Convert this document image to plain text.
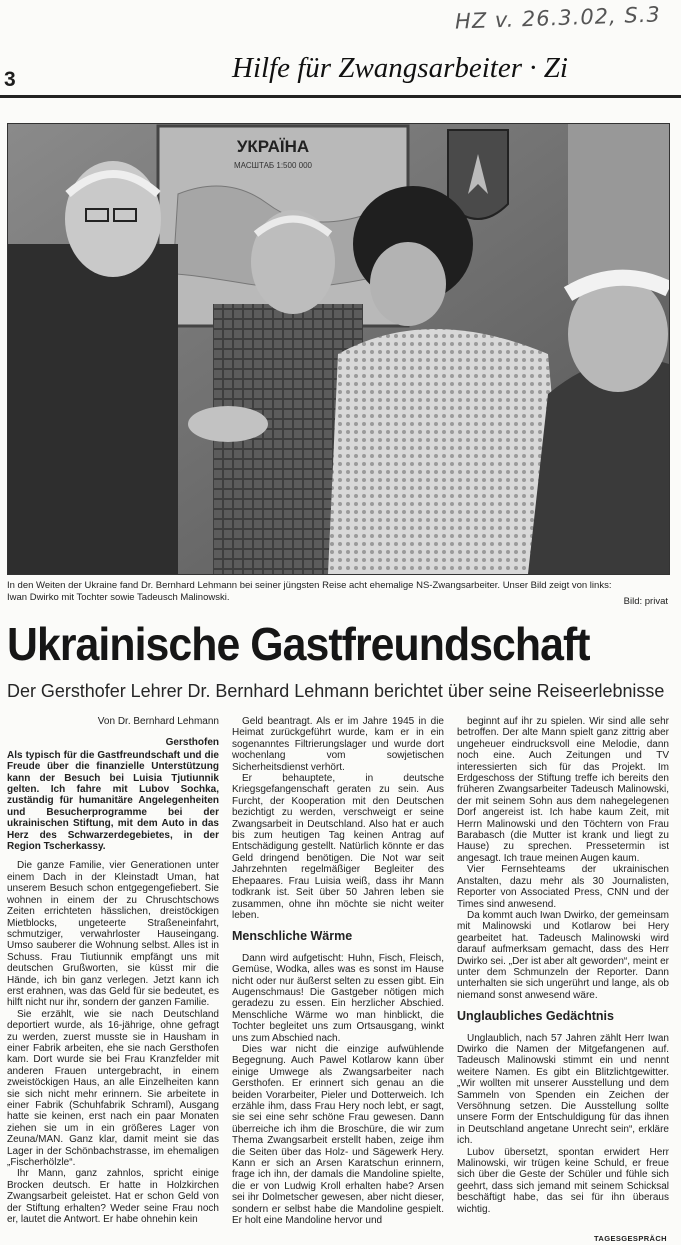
HZ v. 26.3.02, S.3
3	Hilfe für Zwangsarbeiter · Zi
УКРАЇНА
МАСШТАБ 1:500 000
In den Weiten der Ukraine fand Dr. Bernhard Lehmann bei seiner jüngsten Reise acht ehemalige NS-Zwangsarbeiter. Unser Bild zeigt von links:
Iwan Dwirko mit Tochter sowie Tadeusch Malinowski.	Bild: privat
Ukrainische Gastfreundschaft
Der Gersthofer Lehrer Dr. Bernhard Lehmann berichtet über seine Reiseerlebnisse
Von Dr. Bernhard Lehmann
Gersthofen

Als typisch für die Gastfreundschaft und die Freude über die finanzielle Unterstützung kann der Besuch bei Luisia Tjutiunnik gelten. Ich fahre mit Lubov Sochka, zuständig für humanitäre Angelegenheiten und Besucherprogramme bei der ukrainischen Stiftung, mit dem Auto in das Herz des Schwarzerdegebietes, in der Region Tscherkassy.

Die ganze Familie, vier Generationen unter einem Dach in der Kleinstadt Uman, hat unserem Besuch schon entgegengefiebert. Sie wohnen in einem der zu Chruschtschows Zeiten errichteten hässlichen, dreistöckigen Mietblocks, ungeteerte Straßeneinfahrt, schmutziger, verwahrloster Hauseingang. Umso sauberer die Wohnung selbst. Alles ist in Schuss. Frau Tiutiunnik empfängt uns mit deutschen Grußworten, sie küsst mir die Hände, ich bin ganz verlegen. Jetzt kann ich erst erahnen, was das Geld für sie bedeutet, es hilft nicht nur ihr, sondern der ganzen Familie.

Sie erzählt, wie sie nach Deutschland deportiert wurde, als 16-jährige, ohne gefragt zu werden, zuerst musste sie in Hausham in einer Fabrik arbeiten, ehe sie nach Gersthofen kam. Dort wurde sie bei Frau Kranzfelder mit anderen Frauen untergebracht, in einem zweistöckigen Haus, an alle Einzelheiten kann sie sich nicht mehr erinnern. Sie arbeitete in einer Fabrik (Schuhfabrik Schraml), Ausgang hatte sie keinen, erst nach ein paar Monaten ziehen sie um in ein größeres Lager von Zeuna/MAN. Ganz klar, damit meint sie das Lager in der Schönbachstrasse, im ehemaligen „Fischerhölzle“.

Ihr Mann, ganz zahnlos, spricht einige Brocken deutsch. Er hatte in Holzkirchen Zwangsarbeit geleistet. Hat er schon Geld von der Stiftung erhalten? Weder seine Frau noch er, lautet die Antwort. Er habe ohnehin kein

Geld beantragt. Als er im Jahre 1945 in die Heimat zurückgeführt wurde, kam er in ein sogenanntes Filtrierungslager und wurde dort wochenlang vom sowjetischen Sicherheitsdienst verhört.

Er behauptete, in deutsche Kriegsgefangenschaft geraten zu sein. Aus Furcht, der Kooperation mit den Deutschen bezichtigt zu werden, verschweigt er seine Zwangsarbeit in Deutschland. Also hat er auch bis zum heutigen Tag keinen Antrag auf Entschädigung gestellt. Natürlich könnte er das Geld dringend benötigen. Die Not war seit Jahrzehnten regelmäßiger Begleiter des Ehepaares. Frau Luisia weiß, dass ihr Mann todkrank ist. Seit über 50 Jahren leben sie zusammen, ohne ihn möchte sie nicht weiter leben.

Menschliche Wärme

Dann wird aufgetischt: Huhn, Fisch, Fleisch, Gemüse, Wodka, alles was es sonst im Hause nicht oder nur äußerst selten zu essen gibt. Ein Augenschmaus! Die Gastgeber nötigen mich geradezu zu essen. Ein herzlicher Abschied. Menschliche Wärme wo man hinblickt, die Tochter begleitet uns zum Ortsausgang, winkt uns zum Abschied nach.

Dies war nicht die einzige aufwühlende Begegnung. Auch Pawel Kotlarow kann über einige Umwege als Zwangsarbeiter nach Gersthofen. Er erinnert sich genau an die beiden Vorarbeiter, Pieler und Dotterweich. Ich erzähle ihm, dass Frau Hery noch lebt, er sagt, sie sei eine sehr schöne Frau gewesen. Dann überreiche ich ihm die Broschüre, die wir zum Thema Zwangsarbeit erstellt haben, zeige ihm die Seiten über das Holz- und Sägewerk Hery. Kann er sich an Arsen Karatschun erinnern, frage ich ihn, der damals die Mandoline spielte, die er von Ludwig Kroll erhalten habe? Arsen sei ihr Dolmetscher gewesen, aber nicht dieser, sondern er selbst habe die Mandoline gespielt. Er holt eine Mandoline hervor und

beginnt auf ihr zu spielen. Wir sind alle sehr betroffen. Der alte Mann spielt ganz zittrig aber ungeheuer eindrucksvoll eine Melodie, dann noch eine. Auch Zeitungen und TV interessierten sich für das Projekt. Im Erdgeschoss der Stiftung treffe ich bereits den früheren Zwangsarbeiter Tadeusch Malinowski, der mit seinem Sohn aus dem nahegelegenen Dorf angereist ist. Ich habe kaum Zeit, mit Herrn Malinowski und den Töchtern von Frau Barabasch (die Mutter ist krank und liegt zu Hause) zu sprechen. Pressetermin ist angesagt. Ich traue meinen Augen kaum.

Vier Fernsehteams der ukrainischen Anstalten, dazu mehr als 30 Journalisten, Reporter von Associated Press, CNN und der Times sind anwesend.

Da kommt auch Iwan Dwirko, der gemeinsam mit Malinowski und Kotlarow bei Hery gearbeitet hat. Tadeusch Malinowski wird darauf aufmerksam gemacht, dass des Herr Dwirko sei. „Der ist aber alt geworden“, meint er unter dem Schmunzeln der Reporter. Dann unterhalten sie sich ungerührt und lange, als ob niemand sonst anwesend wäre.

Unglaubliches Gedächtnis

Unglaublich, nach 57 Jahren zählt Herr Iwan Dwirko die Namen der Mitgefangenen auf. Tadeusch Malinowski stimmt ein und nennt weitere Namen. Es gibt ein Blitzlichtgewitter. „Wir wollten mit unserer Ausstellung und dem Sammeln von Spenden ein Zeichen der Versöhnung setzen. Die Ausstellung sollte unsere Form der Entschuldigung für das ihnen in Deutschland angetane Unrecht sein“, erkläre ich.

Lubov übersetzt, spontan erwidert Herr Malinowski, wir trügen keine Schuld, er freue sich über die Geste der Schüler und fühle sich geehrt, dass sich jemand mit seinem Schicksal beschäftigt habe, das sei für ihn überaus wichtig.

TAGESGESPRÄCH
